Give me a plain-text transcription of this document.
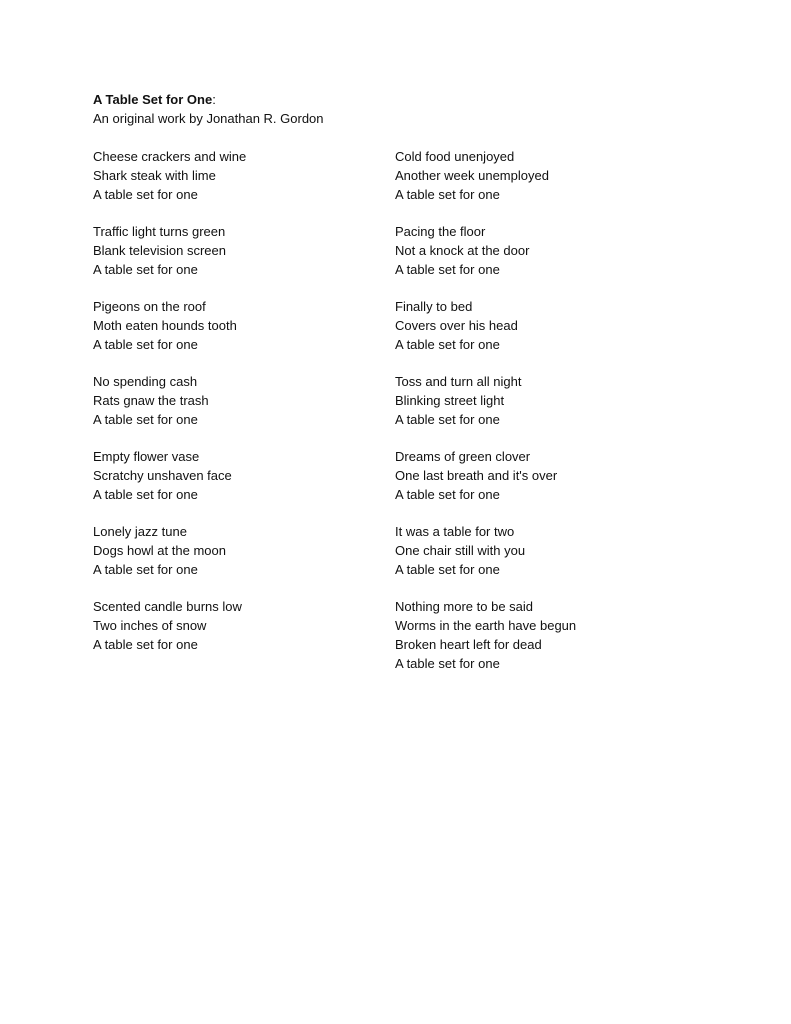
A Table Set for One:
An original work by Jonathan R. Gordon
Cheese crackers and wine
Shark steak with lime
A table set for one
Traffic light turns green
Blank television screen
A table set for one
Pigeons on the roof
Moth eaten hounds tooth
A table set for one
No spending cash
Rats gnaw the trash
A table set for one
Empty flower vase
Scratchy unshaven face
A table set for one
Lonely jazz tune
Dogs howl at the moon
A table set for one
Scented candle burns low
Two inches of snow
A table set for one
Cold food unenjoyed
Another week unemployed
A table set for one
Pacing the floor
Not a knock at the door
A table set for one
Finally to bed
Covers over his head
A table set for one
Toss and turn all night
Blinking street light
A table set for one
Dreams of green clover
One last breath and it's over
A table set for one
It was a table for two
One chair still with you
A table set for one
Nothing more to be said
Worms in the earth have begun
Broken heart left for dead
A table set for one
